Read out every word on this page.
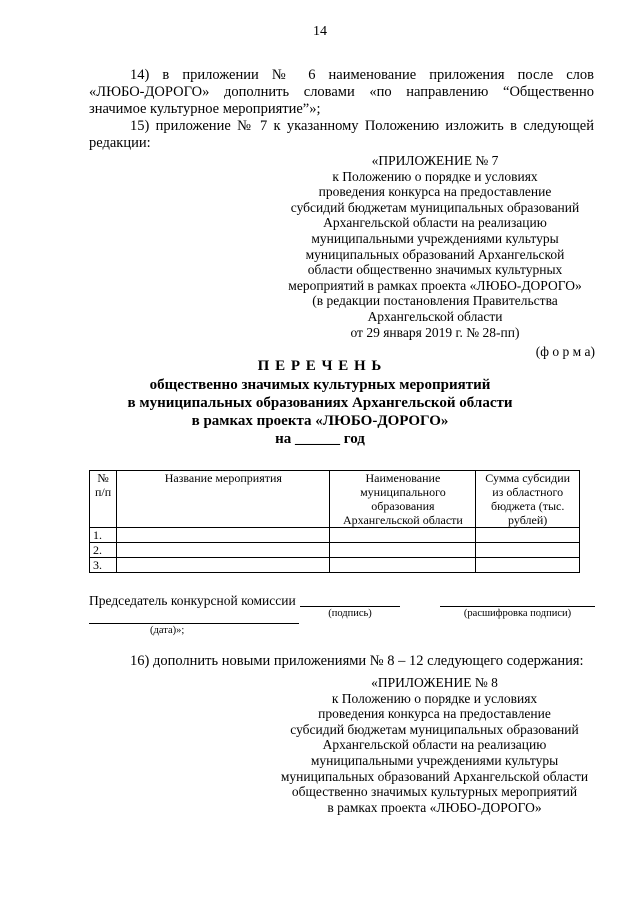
14
14) в приложении № 6 наименование приложения после слов
«ЛЮБО-ДОРОГО» дополнить словами «по направлению “Общественно
значимое культурное мероприятие”»;
15) приложение № 7 к указанному Положению изложить в следующей
редакции:
«ПРИЛОЖЕНИЕ № 7
к Положению о порядке и условиях
проведения конкурса на предоставление
субсидий бюджетам муниципальных образований
Архангельской области на реализацию
муниципальными учреждениями культуры
муниципальных образований Архангельской
области общественно значимых культурных
мероприятий в рамках проекта «ЛЮБО-ДОРОГО»
(в редакции постановления Правительства
Архангельской области
от 29 января 2019 г. № 28-пп)
(ф о р м а)
П Е Р Е Ч Е Н Ь
общественно значимых культурных мероприятий
в муниципальных образованиях Архангельской области
в рамках проекта «ЛЮБО-ДОРОГО»
на ______ год
№ п/п	Название мероприятия	Наименование муниципального образования Архангельской области	Сумма субсидии из областного бюджета (тыс. рублей)
1.			
2.			
3.			
Председатель конкурсной комиссии
(подпись)	(расшифровка подписи)
(дата)»;
16) дополнить новыми приложениями № 8 – 12 следующего содержания:
«ПРИЛОЖЕНИЕ № 8
к Положению о порядке и условиях
проведения конкурса на предоставление
субсидий бюджетам муниципальных образований
Архангельской области на реализацию
муниципальными учреждениями культуры
муниципальных образований Архангельской области
общественно значимых культурных мероприятий
в рамках проекта «ЛЮБО-ДОРОГО»
